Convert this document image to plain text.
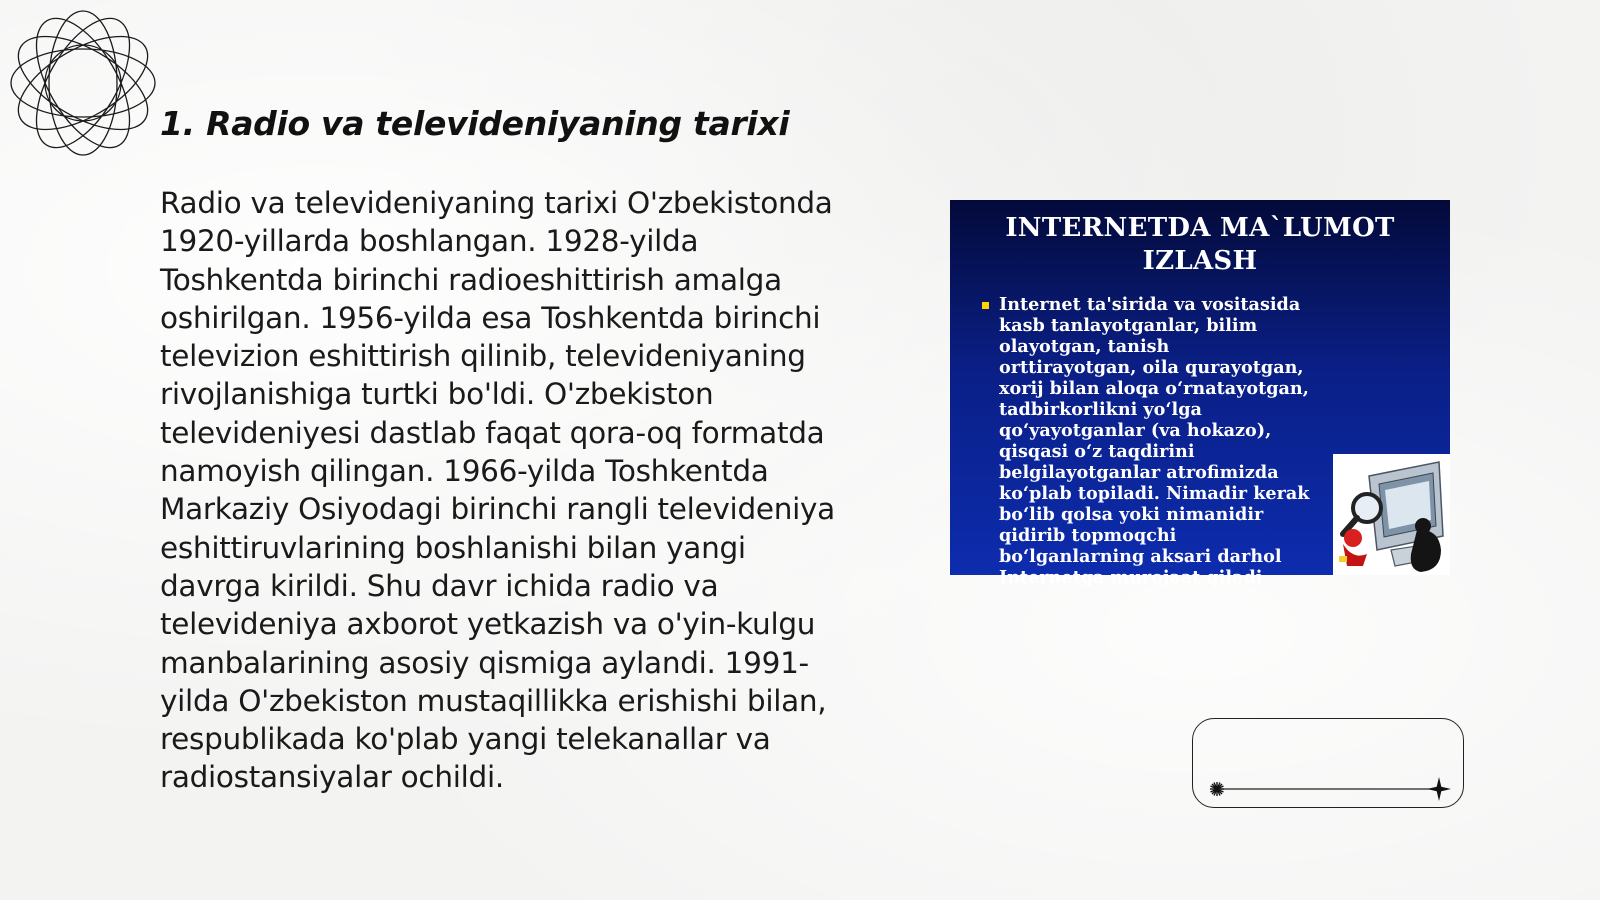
1. Radio va televideniyaning tarixi

Radio va televideniyaning tarixi O'zbekistonda 1920-yillarda boshlangan. 1928-yilda Toshkentda birinchi radioeshittirish amalga oshirilgan. 1956-yilda esa Toshkentda birinchi televizion eshittirish qilinib, televideniyaning rivojlanishiga turtki bo'ldi. O'zbekiston televideniyesi dastlab faqat qora-oq formatda namoyish qilingan. 1966-yilda Toshkentda Markaziy Osiyodagi birinchi rangli televideniya eshittiruvlarining boshlanishi bilan yangi davrga kirildi. Shu davr ichida radio va televideniya axborot yetkazish va o'yin-kulgu manbalarining asosiy qismiga aylandi. 1991-yilda O'zbekiston mustaqillikka erishishi bilan, respublikada ko'plab yangi telekanallar va radiostansiyalar ochildi.

INTERNETDA MA`LUMOT IZLASH
Internet ta'sirida va vositasida
kasb tanlayotganlar, bilim
olayotgan, tanish
orttirayotgan, oila qurayotgan,
xorij bilan aloqa oʻrnatayotgan,
tadbirkorlikni yoʻlga
qoʻyayotganlar (va hokazo),
qisqasi oʻz taqdirini
belgilayotganlar atrofimizda
koʻplab topiladi. Nimadir kerak
boʻlib qolsa yoki nimanidir
qidirib topmoqchi
boʻlganlarning aksari darhol
Internetga murojaat qiladi
